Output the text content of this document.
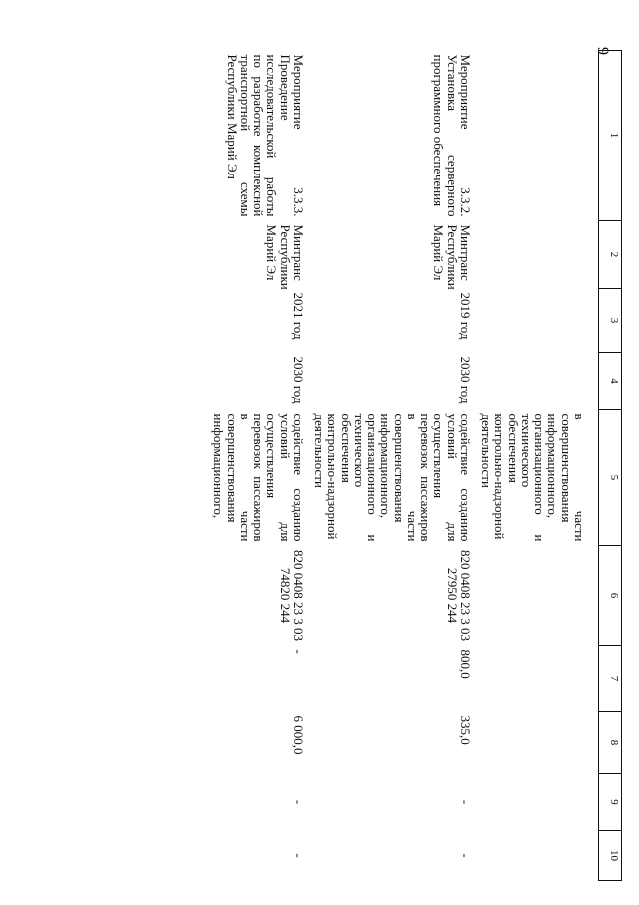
9
1	2	3	4	5	6	7	8	9	10
				в части совершенствования информационного, организационного и технического обеспечения контрольно-надзорной деятельности					
Мероприятие 3.3.2. Установка серверного программного обеспечения	Минтранс Республики Марий Эл	2019 год	2030 год	содействие созданию условий для осуществления перевозок пассажиров в части совершенствования информационного, организационного и технического обеспечения контрольно-надзорной деятельности	820 0408 23 3 03 27950 244	800,0	335,0	-	-
Мероприятие 3.3.3. Проведение исследовательской работы по разработке комплексной транспортной схемы Республики Марий Эл	Минтранс Республики Марий Эл	2021 год	2030 год	содействие созданию условий для осуществления перевозок пассажиров в части совершенствования информационного,	820 0408 23 3 03 74820 244	-	6 000,0	-	-
